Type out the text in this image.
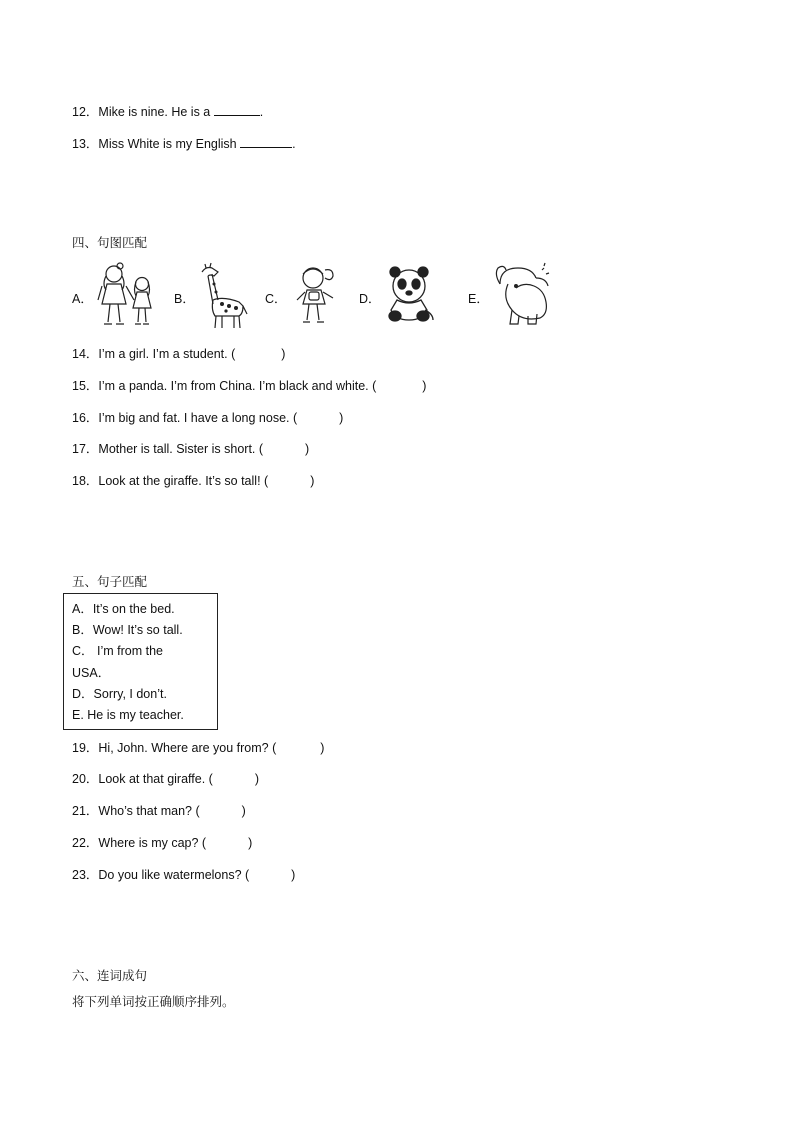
12．Mike is nine. He is a	.
13．Miss White is my English	.
四、句图匹配
A．	B．	C．	D．	E．
14．I’m a girl. I’m a student. (	)
15．I’m a panda. I’m from China. I’m black and white. (	)
16．I’m big and fat. I have a long nose. (	)
17．Mother is tall. Sister is short. (	)
18．Look at the giraffe. It’s so tall! (	)
五、句子匹配
A．It’s on the bed.
B．Wow! It’s so tall.
C． I’m from the
USA．
D．Sorry, I don’t.
E. He is my teacher.
19．Hi, John. Where are you from? (	)
20．Look at that giraffe. (	)
21．Who’s that man? (	)
22．Where is my cap? (	)
23．Do you like watermelons? (	)
六、连词成句
将下列单词按正确顺序排列。
